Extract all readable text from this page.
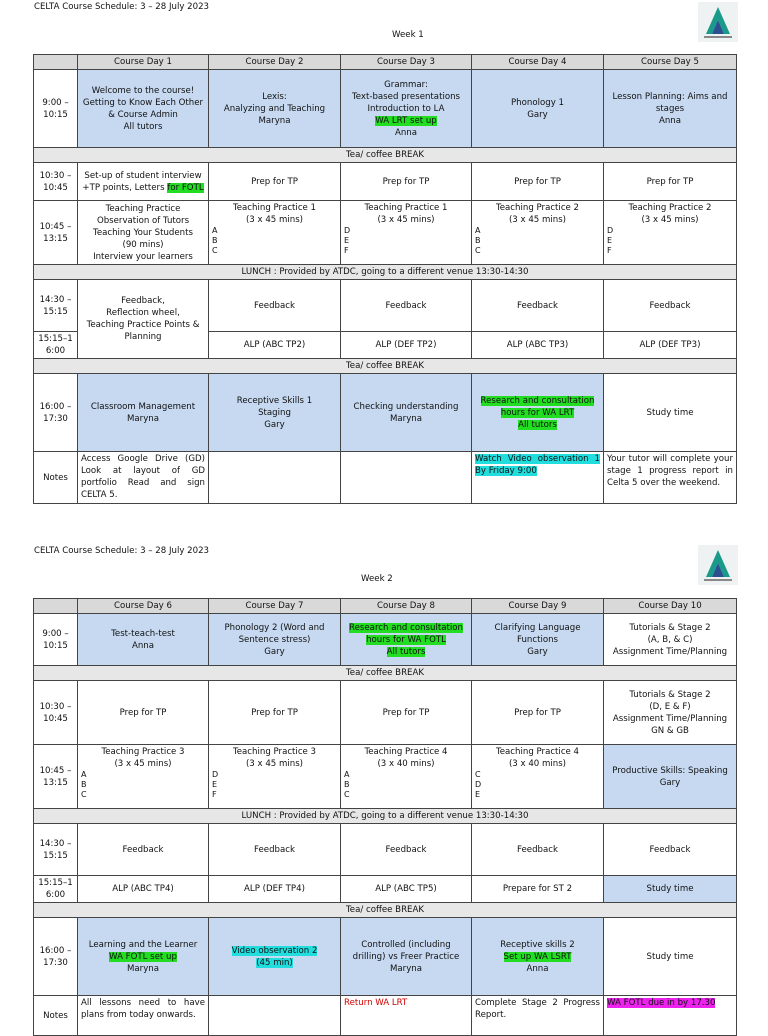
CELTA Course Schedule: 3 – 28 July 2023
Week 1
	Course Day 1	Course Day 2	Course Day 3	Course Day 4	Course Day 5
9:00 – 10:15	Welcome to the course!
Getting to Know Each Other
& Course Admin
All tutors	Lexis:
Analyzing and Teaching
Maryna	Grammar:
Text-based presentations
Introduction to LA
WA LRT set up
Anna	Phonology 1
Gary	Lesson Planning: Aims and
stages
Anna

Tea/ coffee BREAK					
10:30 – 10:45	Set-up of student interview +TP points, Letters for FOTL	Prep for TP	Prep for TP	Prep for TP	Prep for TP
10:45 – 13:15	Teaching Practice
Observation of Tutors
Teaching Your Students
(90 mins)
Interview your learners	Teaching Practice 1
(3 x 45 mins)
A
B
C	Teaching Practice 1
(3 x 45 mins)
D
E
F	Teaching Practice 2
(3 x 45 mins)
A
B
C	Teaching Practice 2
(3 x 45 mins)
D
E
F

LUNCH : Provided by ATDC, going to a different venue 13:30-14:30					
14:30 – 15:15	Feedback,
Reflection wheel,
Teaching Practice Points &
Planning	Feedback	Feedback	Feedback	Feedback
15:15–1 6:00		ALP (ABC TP2)	ALP (DEF TP2)	ALP (ABC TP3)	ALP (DEF TP3)
Tea/ coffee BREAK					
16:00 – 17:30	Classroom Management
Maryna	Receptive Skills 1
Staging
Gary	Checking understanding
Maryna	Research and consultation
hours for WA LRT
All tutors	Study time
Notes	Access Google Drive (GD) Look at layout of GD portfolio Read and sign CELTA 5.			Watch Video observation 1 By Friday 9:00	Your tutor will complete your stage 1 progress report in Celta 5 over the weekend.
CELTA Course Schedule: 3 – 28 July 2023
Week 2
	Course Day 6	Course Day 7	Course Day 8	Course Day 9	Course Day 10
9:00 – 10:15	Test-teach-test
Anna	Phonology 2 (Word and
Sentence stress)
Gary	Research and consultation
hours for WA FOTL
All tutors	Clarifying Language
Functions
Gary	Tutorials & Stage 2
(A, B, & C)
Assignment Time/Planning

Tea/ coffee BREAK					
10:30 – 10:45	Prep for TP	Prep for TP	Prep for TP	Prep for TP	Tutorials & Stage 2
(D, E & F)
Assignment Time/Planning
GN & GB

10:45 – 13:15	Teaching Practice 3
(3 x 45 mins)
A
B
C	Teaching Practice 3
(3 x 45 mins)
D
E
F	Teaching Practice 4
(3 x 40 mins)
A
B
C	Teaching Practice 4
(3 x 40 mins)
C
D
E	Productive Skills: Speaking
Gary

LUNCH : Provided by ATDC, going to a different venue 13:30-14:30					
14:30 – 15:15	Feedback	Feedback	Feedback	Feedback	Feedback
15:15–1 6:00	ALP (ABC TP4)	ALP (DEF TP4)	ALP (ABC TP5)	Prepare for ST 2	Study time
Tea/ coffee BREAK					
16:00 – 17:30	Learning and the Learner
WA FOTL set up
Maryna	Video observation 2
(45 min)	Controlled (including
drilling) vs Freer Practice
Maryna	Receptive skills 2
Set up WA LSRT
Anna	Study time
Notes	All lessons need to have plans from today onwards.		Return WA LRT	Complete Stage 2 Progress Report.	WA FOTL due in by 17.30
